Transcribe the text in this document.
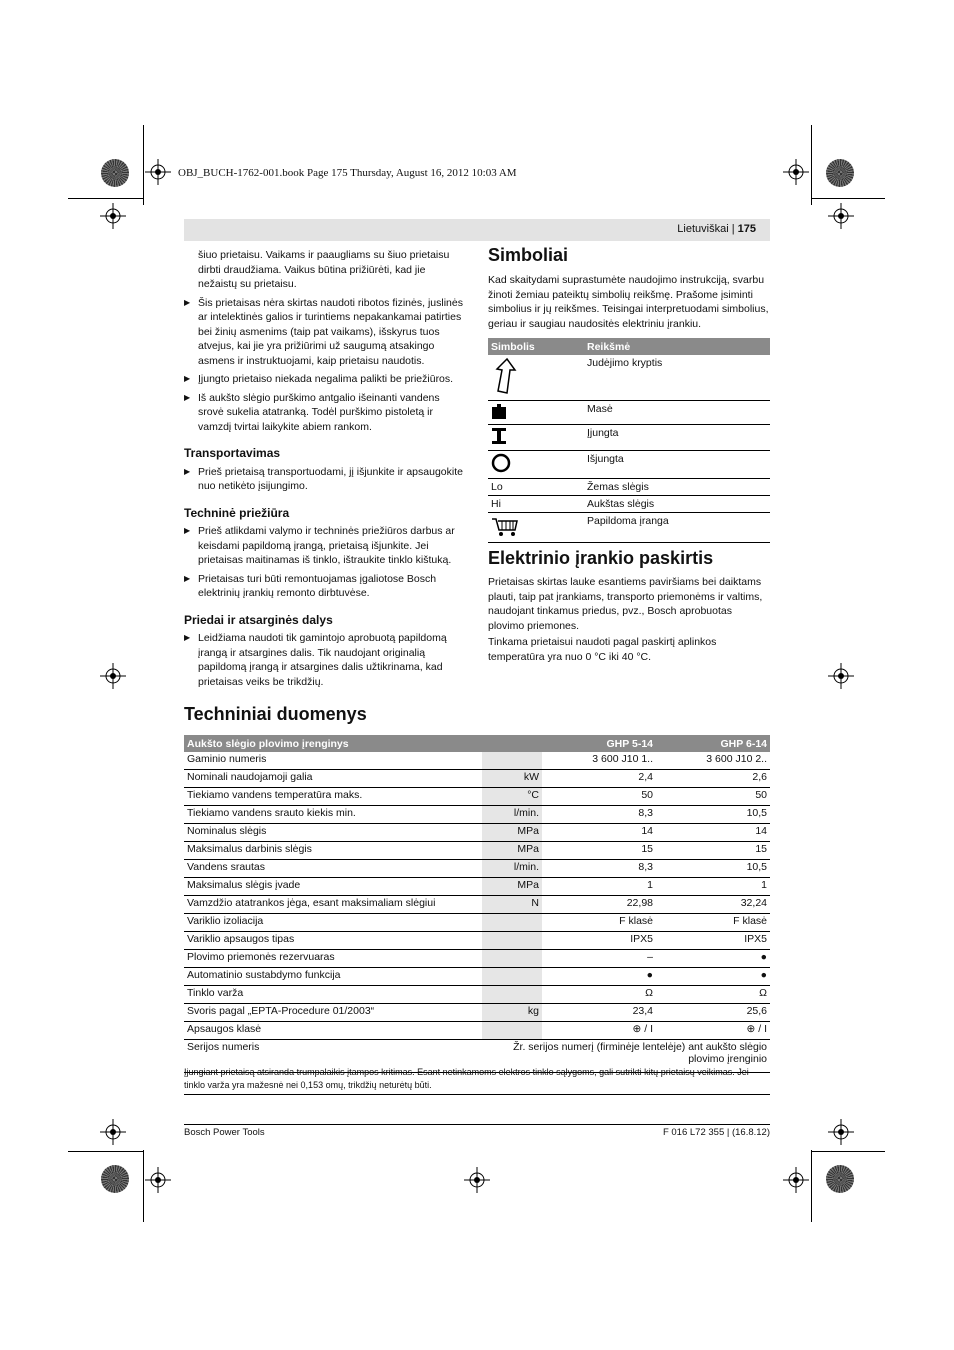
OBJ_BUCH-1762-001.book Page 175 Thursday, August 16, 2012 10:03 AM
Lietuviškai | 175
šiuo prietaisu. Vaikams ir paaugliams su šiuo prietaisu dirbti draudžiama. Vaikus būtina prižiūrėti, kad jie nežaistų su prietaisu.
▶ Šis prietaisas nėra skirtas naudoti ribotos fizinės, juslinės ar intelektinės galios ir turintiems nepakankamai patirties bei žinių asmenims (taip pat vaikams), išskyrus tuos atvejus, kai jie yra prižiūrimi už saugumą atsakingo asmens ir instruktuojami, kaip prietaisu naudotis.
▶ Įjungto prietaiso niekada negalima palikti be priežiūros.
▶ Iš aukšto slėgio purškimo antgalio išeinanti vandens srovė sukelia atatranką. Todėl purškimo pistoletą ir vamzdį tvirtai laikykite abiem rankom.
Transportavimas
▶ Prieš prietaisą transportuodami, jį išjunkite ir apsaugokite nuo netikėto įsijungimo.
Techninė priežiūra
▶ Prieš atlikdami valymo ir techninės priežiūros darbus ar keisdami papildomą įrangą, prietaisą išjunkite. Jei prietaisas maitinamas iš tinklo, ištraukite tinklo kištuką.
▶ Prietaisas turi būti remontuojamas įgaliotose Bosch elektrinių įrankių remonto dirbtuvėse.
Priedai ir atsarginės dalys
▶ Leidžiama naudoti tik gamintojo aprobuotą papildomą įrangą ir atsargines dalis. Tik naudojant originalią papildomą įrangą ir atsargines dalis užtikrinama, kad prietaisas veiks be trikdžių.
Simboliai
Kad skaitydami suprastumėte naudojimo instrukciją, svarbu žinoti žemiau pateiktų simbolių reikšmę. Prašome įsiminti simbolius ir jų reikšmes. Teisingai interpretuodami simbolius, geriau ir saugiau naudositės elektriniu įrankiu.
Simbolis	Reikšmė
	Judėjimo kryptis
	Masė
	Įjungta
	Išjungta
Lo	Žemas slėgis
Hi	Aukštas slėgis
	Papildoma įranga
Elektrinio įrankio paskirtis
Prietaisas skirtas lauke esantiems paviršiams bei daiktams plauti, taip pat įrankiams, transporto priemonėms ir valtims, naudojant tinkamus priedus, pvz., Bosch aprobuotas plovimo priemones.
Tinkama prietaisui naudoti pagal paskirtį aplinkos temperatūra yra nuo 0 °C iki 40 °C.
Techniniai duomenys
Aukšto slėgio plovimo įrenginys		GHP 5-14	GHP 6-14
Gaminio numeris		3 600 J10 1..	3 600 J10 2..
Nominali naudojamoji galia	kW	2,4	2,6
Tiekiamo vandens temperatūra maks.	°C	50	50
Tiekiamo vandens srauto kiekis min.	l/min.	8,3	10,5
Nominalus slėgis	MPa	14	14
Maksimalus darbinis slėgis	MPa	15	15
Vandens srautas	l/min.	8,3	10,5
Maksimalus slėgis įvade	MPa	1	1
Vamzdžio atatrankos jėga, esant maksimaliam slėgiui	N	22,98	32,24
Variklio izoliacija		F klasė	F klasė
Variklio apsaugos tipas		IPX5	IPX5
Plovimo priemonės rezervuaras		–	●
Automatinio sustabdymo funkcija		●	●
Tinklo varža		Ω	Ω
Svoris pagal „EPTA-Procedure 01/2003“	kg	23,4	25,6
Apsaugos klasė		⊕ / I	⊕ / I
Serijos numeris	Žr. serijos numerį (firminėje lentelėje) ant aukšto slėgio plovimo įrenginio		
Įjungiant prietaisą atsiranda trumpalaikis įtampos kritimas. Esant netinkamoms elektros tinklo sąlygoms, gali sutrikti kitų prietaisų veikimas. Jei tinklo varža yra mažesnė nei 0,153 omų, trikdžių neturėtų būti.
Bosch Power Tools	F 016 L72 355 | (16.8.12)
